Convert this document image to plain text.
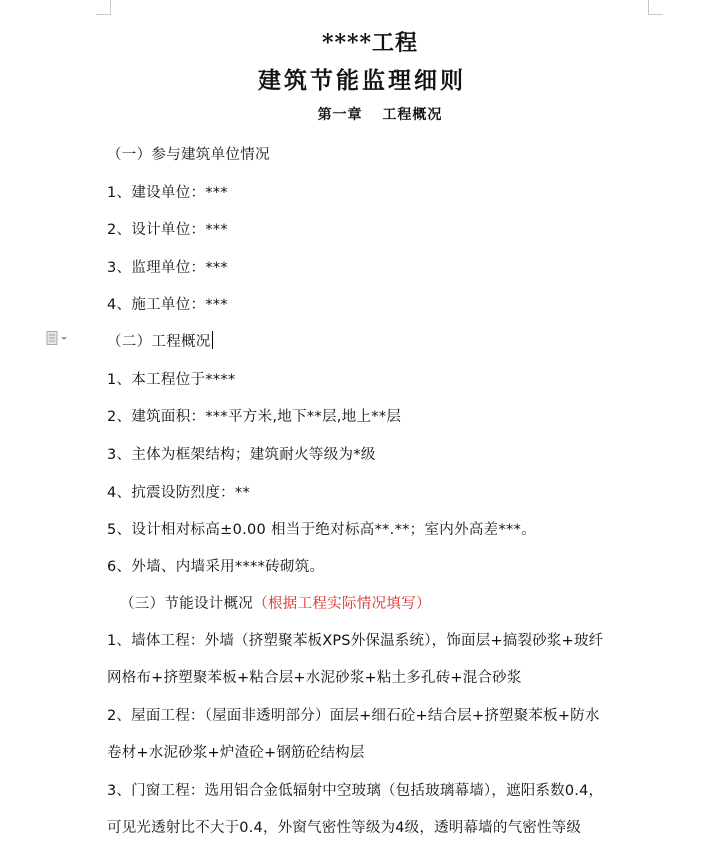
****工程
建筑节能监理细则
第一章 工程概况
（一）参与建筑单位情况
1、建设单位：***
2、设计单位：***
3、监理单位：***
4、施工单位：***
（二）工程概况
1、本工程位于****
2、建筑面积：***平方米,地下**层,地上**层
3、主体为框架结构；建筑耐火等级为*级
4、抗震设防烈度：**
5、设计相对标高±0.00 相当于绝对标高**.**；室内外高差***。
6、外墙、内墙采用****砖砌筑。
（三）节能设计概况（根据工程实际情况填写）
1、墙体工程：外墙（挤塑聚苯板XPS外保温系统），饰面层+搞裂砂浆+玻纤
网格布+挤塑聚苯板+粘合层+水泥砂浆+粘土多孔砖+混合砂浆
2、屋面工程：（屋面非透明部分）面层+细石砼+结合层+挤塑聚苯板+防水
卷材+水泥砂浆+炉渣砼+钢筋砼结构层
3、门窗工程：选用铝合金低辐射中空玻璃（包括玻璃幕墙），遮阳系数0.4，
可见光透射比不大于0.4，外窗气密性等级为4级，透明幕墙的气密性等级
